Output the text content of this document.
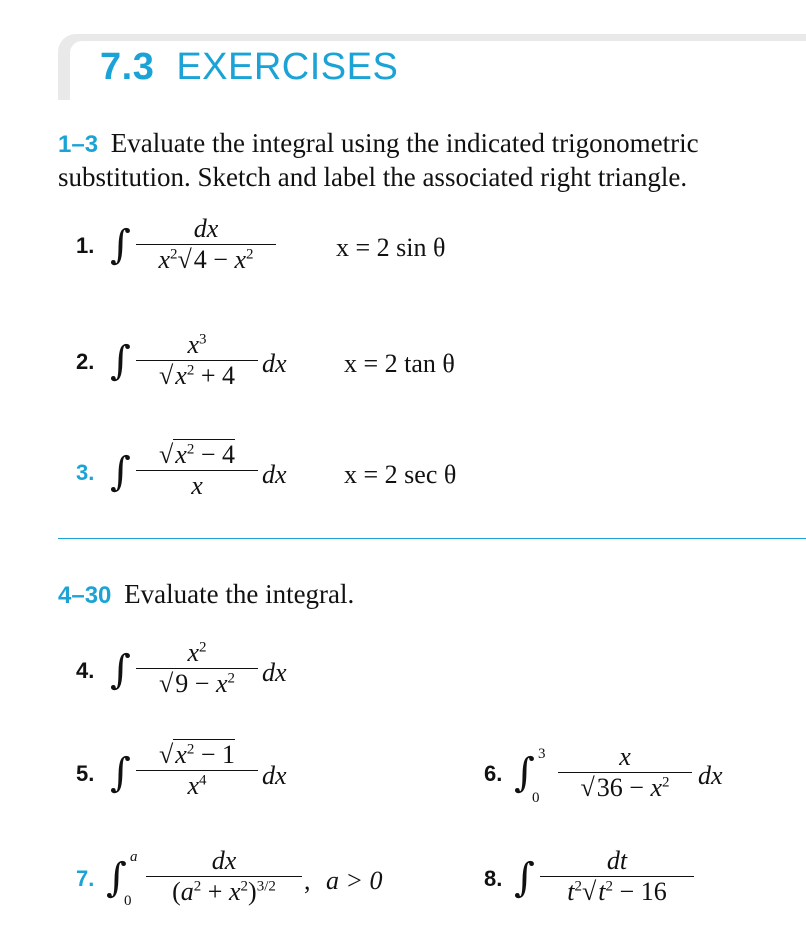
7.3 EXERCISES
1–3 Evaluate the integral using the indicated trigonometric
substitution. Sketch and label the associated right triangle.
1. ∫	dx
$x^2√4 - x^2$	x = 2 sin θ
2. ∫	$x^3$
$√x^2 + 4$	dx x = 2 tan θ
3. ∫	$√x^2 - 4$
x	dx x = 2 sec θ
4–30 Evaluate the integral.
4. ∫	$x^2$
$√9 - x^2$	dx
5. ∫	$√x^2 - 1$
$x^4$	dx	6. ∫ 3
0
x
$√36 - x^2$	dx
7. ∫ a
0
dx
$(a^2 + x^2)^{3/2}$	, a > 0	8. ∫	dt
$t^2√t^2 - 16$
